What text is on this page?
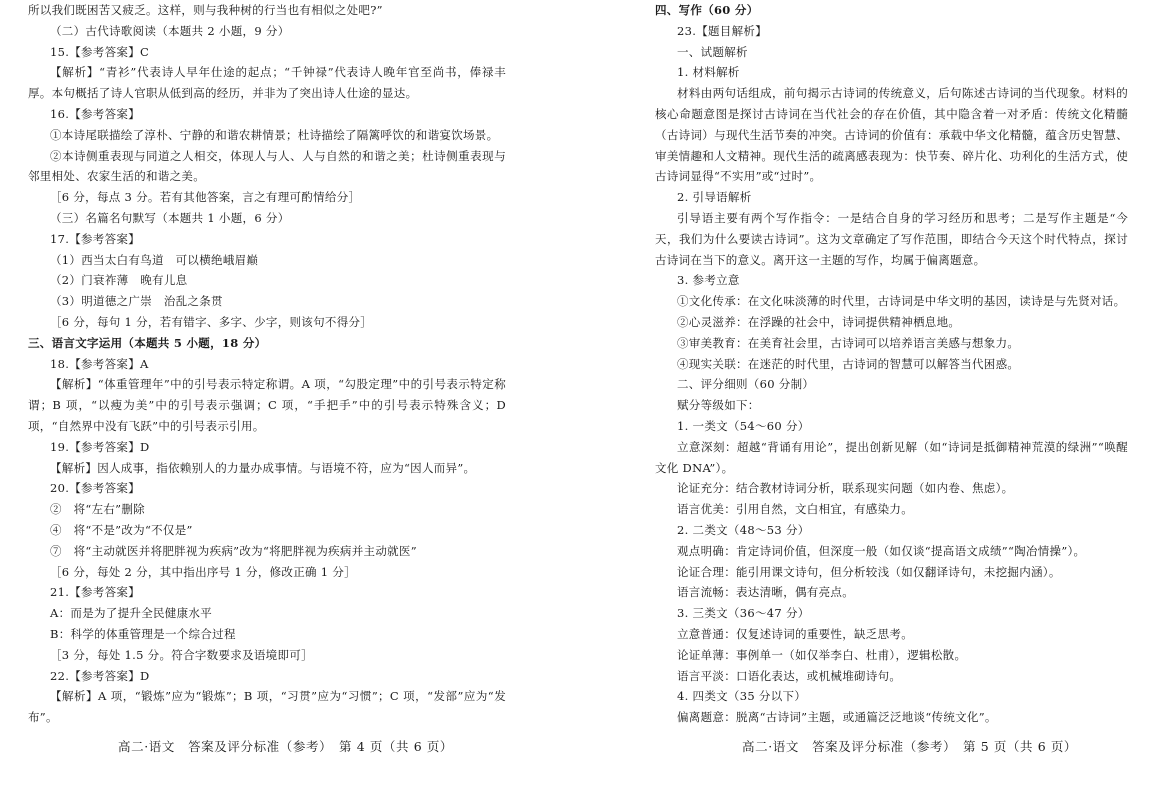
所以我们既困苦又疲乏。这样，则与我种树的行当也有相似之处吧?”
（二）古代诗歌阅读（本题共 2 小题，9 分）
15.【参考答案】C
【解析】“青衫”代表诗人早年仕途的起点；“千钟禄”代表诗人晚年官至尚书，俸禄丰厚。本句概括了诗人官职从低到高的经历，并非为了突出诗人仕途的显达。
16.【参考答案】
①本诗尾联描绘了淳朴、宁静的和谐农耕情景；杜诗描绘了隔篱呼饮的和谐宴饮场景。
②本诗侧重表现与同道之人相交，体现人与人、人与自然的和谐之美；杜诗侧重表现与邻里相处、农家生活的和谐之美。
［6 分，每点 3 分。若有其他答案，言之有理可酌情给分］
（三）名篇名句默写（本题共 1 小题，6 分）
17.【参考答案】
（1）西当太白有鸟道　可以横绝峨眉巅
（2）门衰祚薄　晚有儿息
（3）明道德之广崇　治乱之条贯
［6 分，每句 1 分，若有错字、多字、少字，则该句不得分］
三、语言文字运用（本题共 5 小题，18 分）
18.【参考答案】A
【解析】“体重管理年”中的引号表示特定称谓。A 项，“勾股定理”中的引号表示特定称谓；B 项，“以瘦为美”中的引号表示强调；C 项，“手把手”中的引号表示特殊含义；D 项，“自然界中没有飞跃”中的引号表示引用。
19.【参考答案】D
【解析】因人成事，指依赖别人的力量办成事情。与语境不符，应为“因人而异”。
20.【参考答案】
②　将“左右”删除
④　将“不是”改为“不仅是”
⑦　将“主动就医并将肥胖视为疾病”改为“将肥胖视为疾病并主动就医”
［6 分，每处 2 分，其中指出序号 1 分，修改正确 1 分］
21.【参考答案】
A：而是为了提升全民健康水平
B：科学的体重管理是一个综合过程
［3 分，每处 1.5 分。符合字数要求及语境即可］
22.【参考答案】D
【解析】A 项，“锻炼”应为“锻炼”；B 项，“习贯”应为“习惯”；C 项，“发部”应为“发布”。
四、写作（60 分）
23.【题目解析】
一、试题解析
1. 材料解析
材料由两句话组成，前句揭示古诗词的传统意义，后句陈述古诗词的当代现象。材料的核心命题意图是探讨古诗词在当代社会的存在价值，其中隐含着一对矛盾：传统文化精髓（古诗词）与现代生活节奏的冲突。古诗词的价值有：承载中华文化精髓，蕴含历史智慧、审美情趣和人文精神。现代生活的疏离感表现为：快节奏、碎片化、功利化的生活方式，使古诗词显得“不实用”或“过时”。
2. 引导语解析
引导语主要有两个写作指令：一是结合自身的学习经历和思考；二是写作主题是“今天，我们为什么要读古诗词”。这为文章确定了写作范围，即结合今天这个时代特点，探讨古诗词在当下的意义。离开这一主题的写作，均属于偏离题意。
3. 参考立意
①文化传承：在文化味淡薄的时代里，古诗词是中华文明的基因，读诗是与先贤对话。
②心灵滋养：在浮躁的社会中，诗词提供精神栖息地。
③审美教育：在美育社会里，古诗词可以培养语言美感与想象力。
④现实关联：在迷茫的时代里，古诗词的智慧可以解答当代困惑。
二、评分细则（60 分制）
赋分等级如下：
1. 一类文（54～60 分）
立意深刻：超越“背诵有用论”，提出创新见解（如“诗词是抵御精神荒漠的绿洲”“唤醒文化 DNA”）。
论证充分：结合教材诗词分析，联系现实问题（如内卷、焦虑）。
语言优美：引用自然，文白相宜，有感染力。
2. 二类文（48～53 分）
观点明确：肯定诗词价值，但深度一般（如仅谈“提高语文成绩”“陶冶情操”）。
论证合理：能引用课文诗句，但分析较浅（如仅翻译诗句，未挖掘内涵）。
语言流畅：表达清晰，偶有亮点。
3. 三类文（36～47 分）
立意普通：仅复述诗词的重要性，缺乏思考。
论证单薄：事例单一（如仅举李白、杜甫），逻辑松散。
语言平淡：口语化表达，或机械堆砌诗句。
4. 四类文（35 分以下）
偏离题意：脱离“古诗词”主题，或通篇泛泛地谈“传统文化”。
高二·语文　答案及评分标准（参考）　第 4 页（共 6 页）	高二·语文　答案及评分标准（参考）　第 5 页（共 6 页）
